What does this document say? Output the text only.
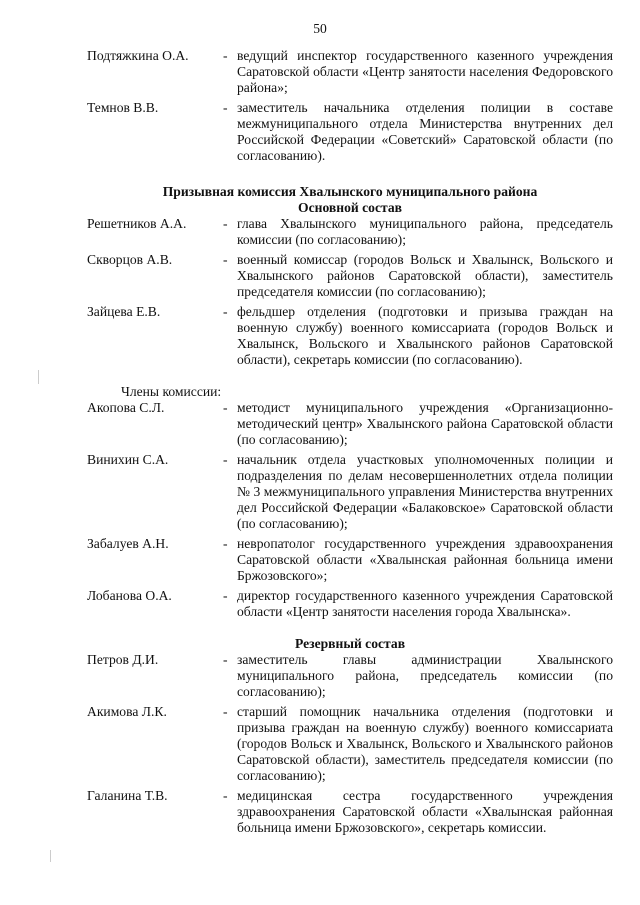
50
Подтяжкина О.А.	- ведущий инспектор государственного казенного учреждения Саратовской области «Центр занятости населения Федоровского района»;
Темнов В.В.	- заместитель начальника отделения полиции в составе межмуниципального отдела Министерства внутренних дел Российской Федерации «Советский» Саратовской области (по согласованию).
Призывная комиссия Хвалынского муниципального района
Основной состав
Решетников А.А.	- глава Хвалынского муниципального района, председатель комиссии (по согласованию);
Скворцов А.В.	- военный комиссар (городов Вольск и Хвалынск, Вольского и Хвалынского районов Саратовской области), заместитель председателя комиссии (по согласованию);
Зайцева Е.В.	- фельдшер отделения (подготовки и призыва граждан на военную службу) военного комиссариата (городов Вольск и Хвалынск, Вольского и Хвалынского районов Саратовской области), секретарь комиссии (по согласованию).
Члены комиссии:
Акопова С.Л.	- методист муниципального учреждения «Организационно-методический центр» Хвалынского района Саратовской области (по согласованию);
Винихин С.А.	- начальник отдела участковых уполномоченных полиции и подразделения по делам несовершеннолетних отдела полиции № 3 межмуниципального управления Министерства внутренних дел Российской Федерации «Балаковское» Саратовской области (по согласованию);
Забалуев А.Н.	- невропатолог государственного учреждения здравоохранения Саратовской области «Хвалынская районная больница имени Бржозовского»;
Лобанова О.А.	- директор государственного казенного учреждения Саратовской области «Центр занятости населения города Хвалынска».
Резервный состав
Петров Д.И.	- заместитель главы администрации Хвалынского муниципального района, председатель комиссии (по согласованию);
Акимова Л.К.	- старший помощник начальника отделения (подготовки и призыва граждан на военную службу) военного комиссариата (городов Вольск и Хвалынск, Вольского и Хвалынского районов Саратовской области), заместитель председателя комиссии (по согласованию);
Галанина Т.В.	- медицинская сестра государственного учреждения здравоохранения Саратовской области «Хвалынская районная больница имени Бржозовского», секретарь комиссии.
